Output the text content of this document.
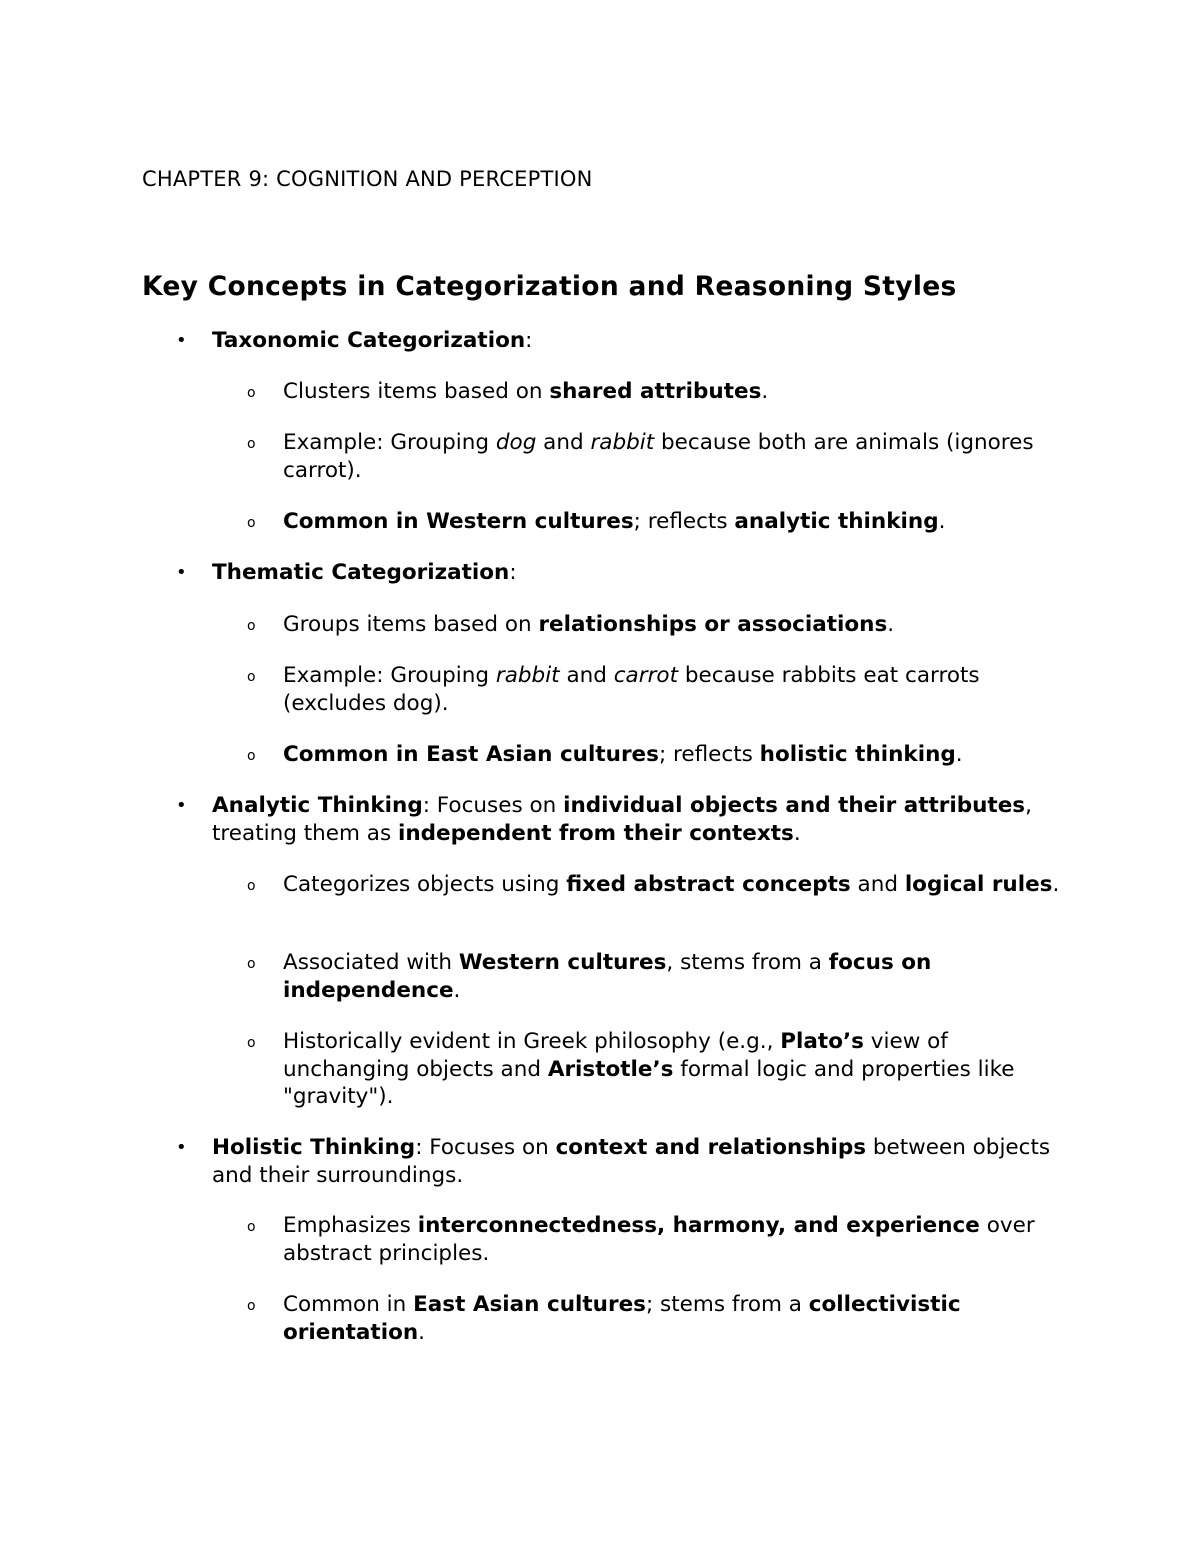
CHAPTER 9: COGNITION AND PERCEPTION
Key Concepts in Categorization and Reasoning Styles
• Taxonomic Categorization:
o Clusters items based on shared attributes.
o Example: Grouping dog and rabbit because both are animals (ignores carrot).
o Common in Western cultures; reflects analytic thinking.
• Thematic Categorization:
o Groups items based on relationships or associations.
o Example: Grouping rabbit and carrot because rabbits eat carrots (excludes dog).
o Common in East Asian cultures; reflects holistic thinking.
• Analytic Thinking: Focuses on individual objects and their attributes, treating them as independent from their contexts.
o Categorizes objects using fixed abstract concepts and logical rules.
o Associated with Western cultures, stems from a focus on independence.
o Historically evident in Greek philosophy (e.g., Plato’s view of unchanging objects and Aristotle’s formal logic and properties like "gravity").
• Holistic Thinking: Focuses on context and relationships between objects and their surroundings.
o Emphasizes interconnectedness, harmony, and experience over abstract principles.
o Common in East Asian cultures; stems from a collectivistic orientation.
